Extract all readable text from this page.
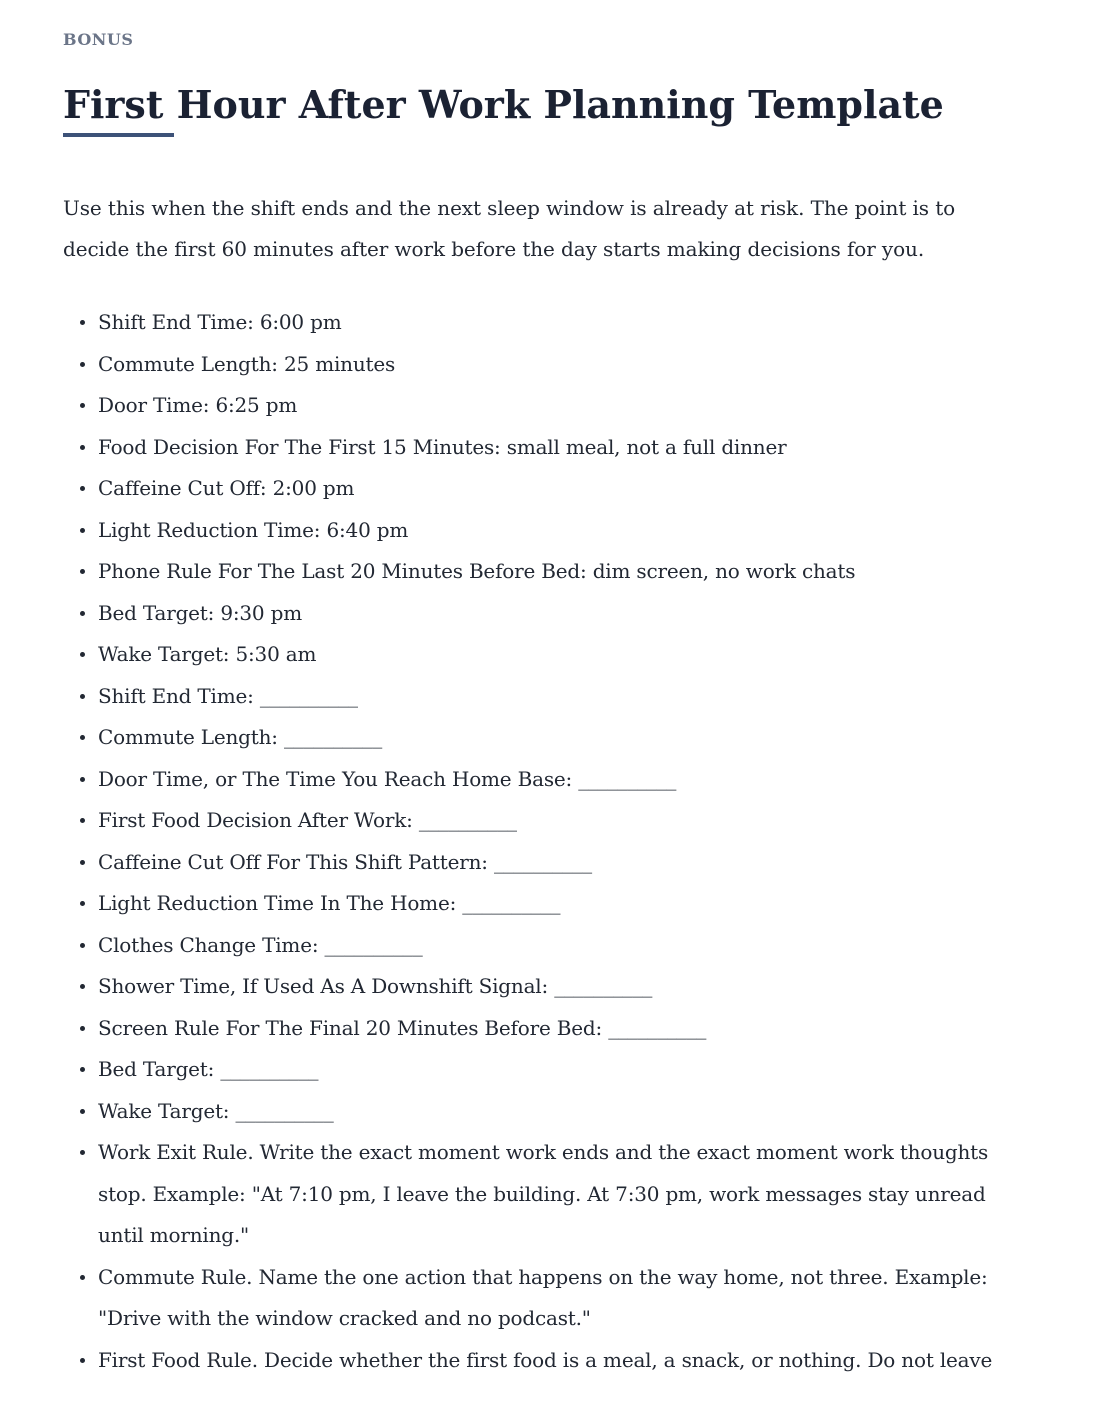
BONUS
First Hour After Work Planning Template

Use this when the shift ends and the next sleep window is already at risk. The point is to decide the first 60 minutes after work before the day starts making decisions for you.

Shift End Time: 6:00 pm
Commute Length: 25 minutes
Door Time: 6:25 pm
Food Decision For The First 15 Minutes: small meal, not a full dinner
Caffeine Cut Off: 2:00 pm
Light Reduction Time: 6:40 pm
Phone Rule For The Last 20 Minutes Before Bed: dim screen, no work chats
Bed Target: 9:30 pm
Wake Target: 5:30 am
Shift End Time: __________
Commute Length: __________
Door Time, or The Time You Reach Home Base: __________
First Food Decision After Work: __________
Caffeine Cut Off For This Shift Pattern: __________
Light Reduction Time In The Home: __________
Clothes Change Time: __________
Shower Time, If Used As A Downshift Signal: __________
Screen Rule For The Final 20 Minutes Before Bed: __________
Bed Target: __________
Wake Target: __________
Work Exit Rule. Write the exact moment work ends and the exact moment work thoughts stop. Example: "At 7:10 pm, I leave the building. At 7:30 pm, work messages stay unread until morning."
Commute Rule. Name the one action that happens on the way home, not three. Example: "Drive with the window cracked and no podcast."
First Food Rule. Decide whether the first food is a meal, a snack, or nothing. Do not leave
